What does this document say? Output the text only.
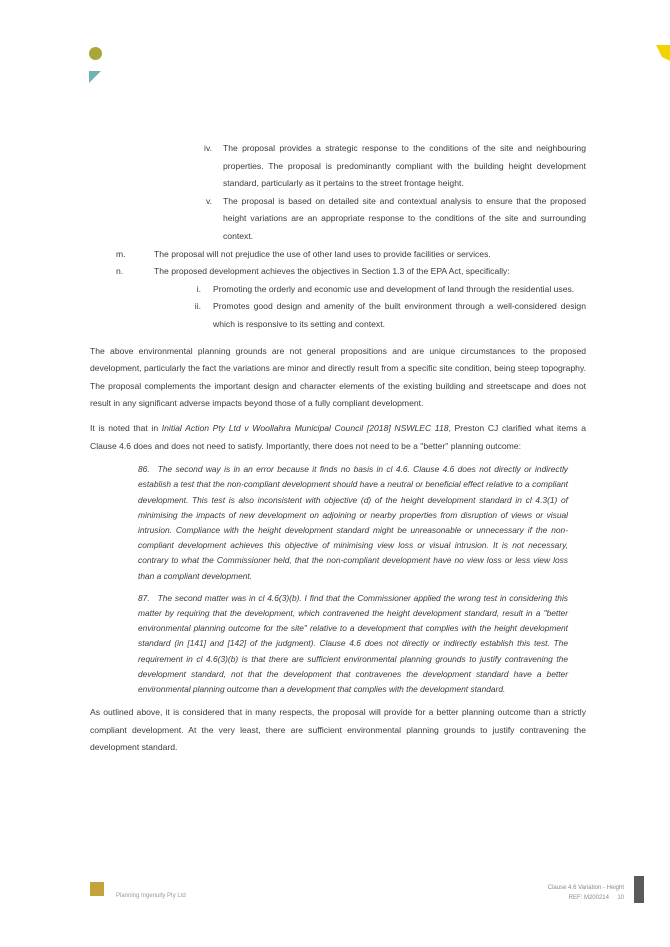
iv.	The proposal provides a strategic response to the conditions of the site and neighbouring properties. The proposal is predominantly compliant with the building height development standard, particularly as it pertains to the street frontage height.
v.	The proposal is based on detailed site and contextual analysis to ensure that the proposed height variations are an appropriate response to the conditions of the site and surrounding context.
m.	The proposal will not prejudice the use of other land uses to provide facilities or services.
n.	The proposed development achieves the objectives in Section 1.3 of the EPA Act, specifically:
i.	Promoting the orderly and economic use and development of land through the residential uses.
ii.	Promotes good design and amenity of the built environment through a well-considered design which is responsive to its setting and context.

The above environmental planning grounds are not general propositions and are unique circumstances to the proposed development, particularly the fact the variations are minor and directly result from a specific site condition, being steep topography. The proposal complements the important design and character elements of the existing building and streetscape and does not result in any significant adverse impacts beyond those of a fully compliant development.

It is noted that in Initial Action Pty Ltd v Woollahra Municipal Council [2018] NSWLEC 118, Preston CJ clarified what items a Clause 4.6 does and does not need to satisfy. Importantly, there does not need to be a "better" planning outcome:

86. The second way is in an error because it finds no basis in cl 4.6. Clause 4.6 does not directly or indirectly establish a test that the non-compliant development should have a neutral or beneficial effect relative to a compliant development. This test is also inconsistent with objective (d) of the height development standard in cl 4.3(1) of minimising the impacts of new development on adjoining or nearby properties from disruption of views or visual intrusion. Compliance with the height development standard might be unreasonable or unnecessary if the non-compliant development achieves this objective of minimising view loss or visual intrusion. It is not necessary, contrary to what the Commissioner held, that the non-compliant development have no view loss or less view loss than a compliant development.
87. The second matter was in cl 4.6(3)(b). I find that the Commissioner applied the wrong test in considering this matter by requiring that the development, which contravened the height development standard, result in a "better environmental planning outcome for the site" relative to a development that complies with the height development standard (in [141] and [142] of the judgment). Clause 4.6 does not directly or indirectly establish this test. The requirement in cl 4.6(3)(b) is that there are sufficient environmental planning grounds to justify contravening the development standard, not that the development that contravenes the development standard have a better environmental planning outcome than a development that complies with the development standard.

As outlined above, it is considered that in many respects, the proposal will provide for a better planning outcome than a strictly compliant development. At the very least, there are sufficient environmental planning grounds to justify contravening the development standard.

Planning Ingenuity Pty Ltd
Clause 4.6 Variation - Height
REF: M200214 10
